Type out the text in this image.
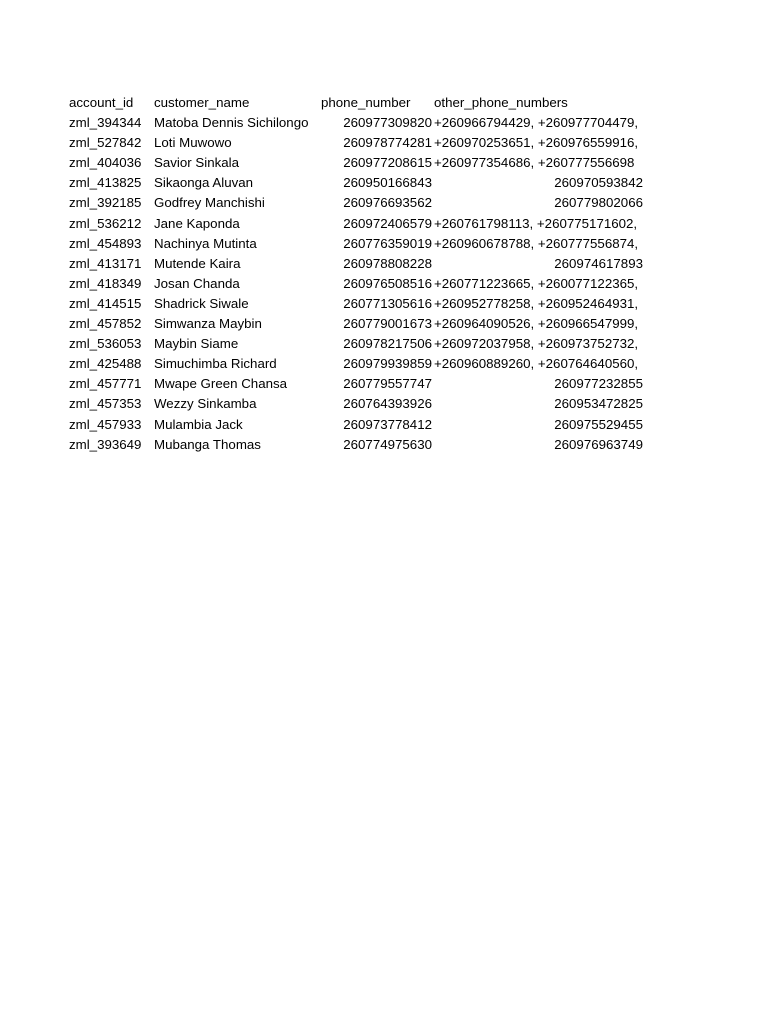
account_id customer_name	phone_number other_phone_numbers
zml_394344 Matoba Dennis Sichilongo	260977309820 +260966794429, +260977704479,
zml_527842 Loti Muwowo	260978774281 +260970253651, +260976559916,
zml_404036 Savior Sinkala	260977208615 +260977354686, +260777556698
zml_413825 Sikaonga Aluvan	260950166843	260970593842
zml_392185 Godfrey Manchishi	260976693562	260779802066
zml_536212 Jane Kaponda	260972406579 +260761798113, +260775171602,
zml_454893 Nachinya Mutinta	260776359019 +260960678788, +260777556874,
zml_413171 Mutende Kaira	260978808228	260974617893
zml_418349 Josan Chanda	260976508516 +260771223665, +260077122365,
zml_414515 Shadrick Siwale	260771305616 +260952778258, +260952464931,
zml_457852 Simwanza Maybin	260779001673 +260964090526, +260966547999,
zml_536053 Maybin Siame	260978217506 +260972037958, +260973752732,
zml_425488 Simuchimba Richard	260979939859 +260960889260, +260764640560,
zml_457771 Mwape Green Chansa	260779557747	260977232855
zml_457353 Wezzy Sinkamba	260764393926	260953472825
zml_457933 Mulambia Jack	260973778412	260975529455
zml_393649 Mubanga Thomas	260774975630	260976963749
